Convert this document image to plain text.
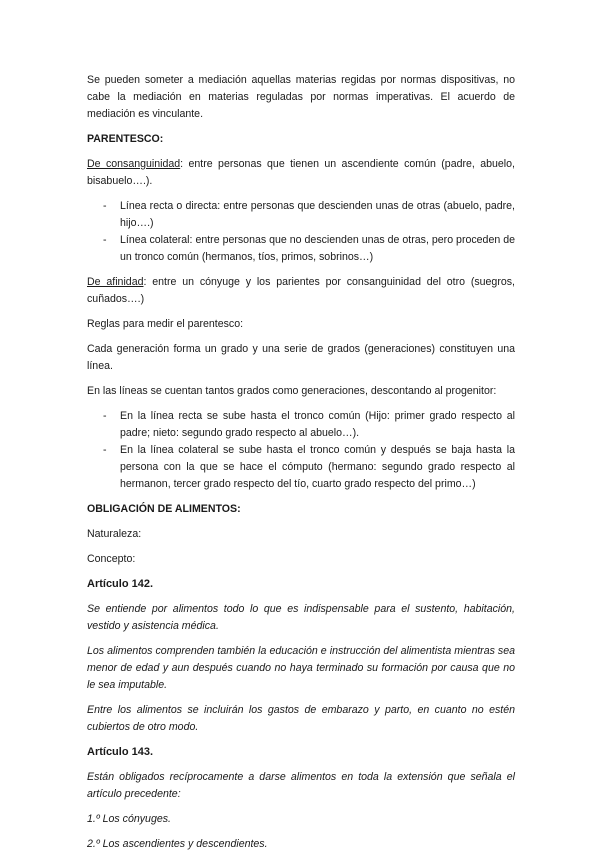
Se pueden someter a mediación aquellas materias regidas por normas dispositivas, no cabe la mediación en materias reguladas por normas imperativas. El acuerdo de mediación es vinculante.

PARENTESCO:

De consanguinidad: entre personas que tienen un ascendiente común (padre, abuelo, bisabuelo….).

- Línea recta o directa: entre personas que descienden unas de otras (abuelo, padre, hijo….)
- Línea colateral: entre personas que no descienden unas de otras, pero proceden de un tronco común (hermanos, tíos, primos, sobrinos…)

De afinidad: entre un cónyuge y los parientes por consanguinidad del otro (suegros, cuñados….)

Reglas para medir el parentesco:

Cada generación forma un grado y una serie de grados (generaciones) constituyen una línea.

En las líneas se cuentan tantos grados como generaciones, descontando al progenitor:

- En la línea recta se sube hasta el tronco común (Hijo: primer grado respecto al padre; nieto: segundo grado respecto al abuelo…).
- En la línea colateral se sube hasta el tronco común y después se baja hasta la persona con la que se hace el cómputo (hermano: segundo grado respecto al hermanon, tercer grado respecto del tío, cuarto grado respecto del primo…)

OBLIGACIÓN DE ALIMENTOS:

Naturaleza:

Concepto:

Artículo 142.

Se entiende por alimentos todo lo que es indispensable para el sustento, habitación, vestido y asistencia médica.

Los alimentos comprenden también la educación e instrucción del alimentista mientras sea menor de edad y aun después cuando no haya terminado su formación por causa que no le sea imputable.

Entre los alimentos se incluirán los gastos de embarazo y parto, en cuanto no estén cubiertos de otro modo.

Artículo 143.

Están obligados recíprocamente a darse alimentos en toda la extensión que señala el artículo precedente:

1.º Los cónyuges.

2.º Los ascendientes y descendientes.
